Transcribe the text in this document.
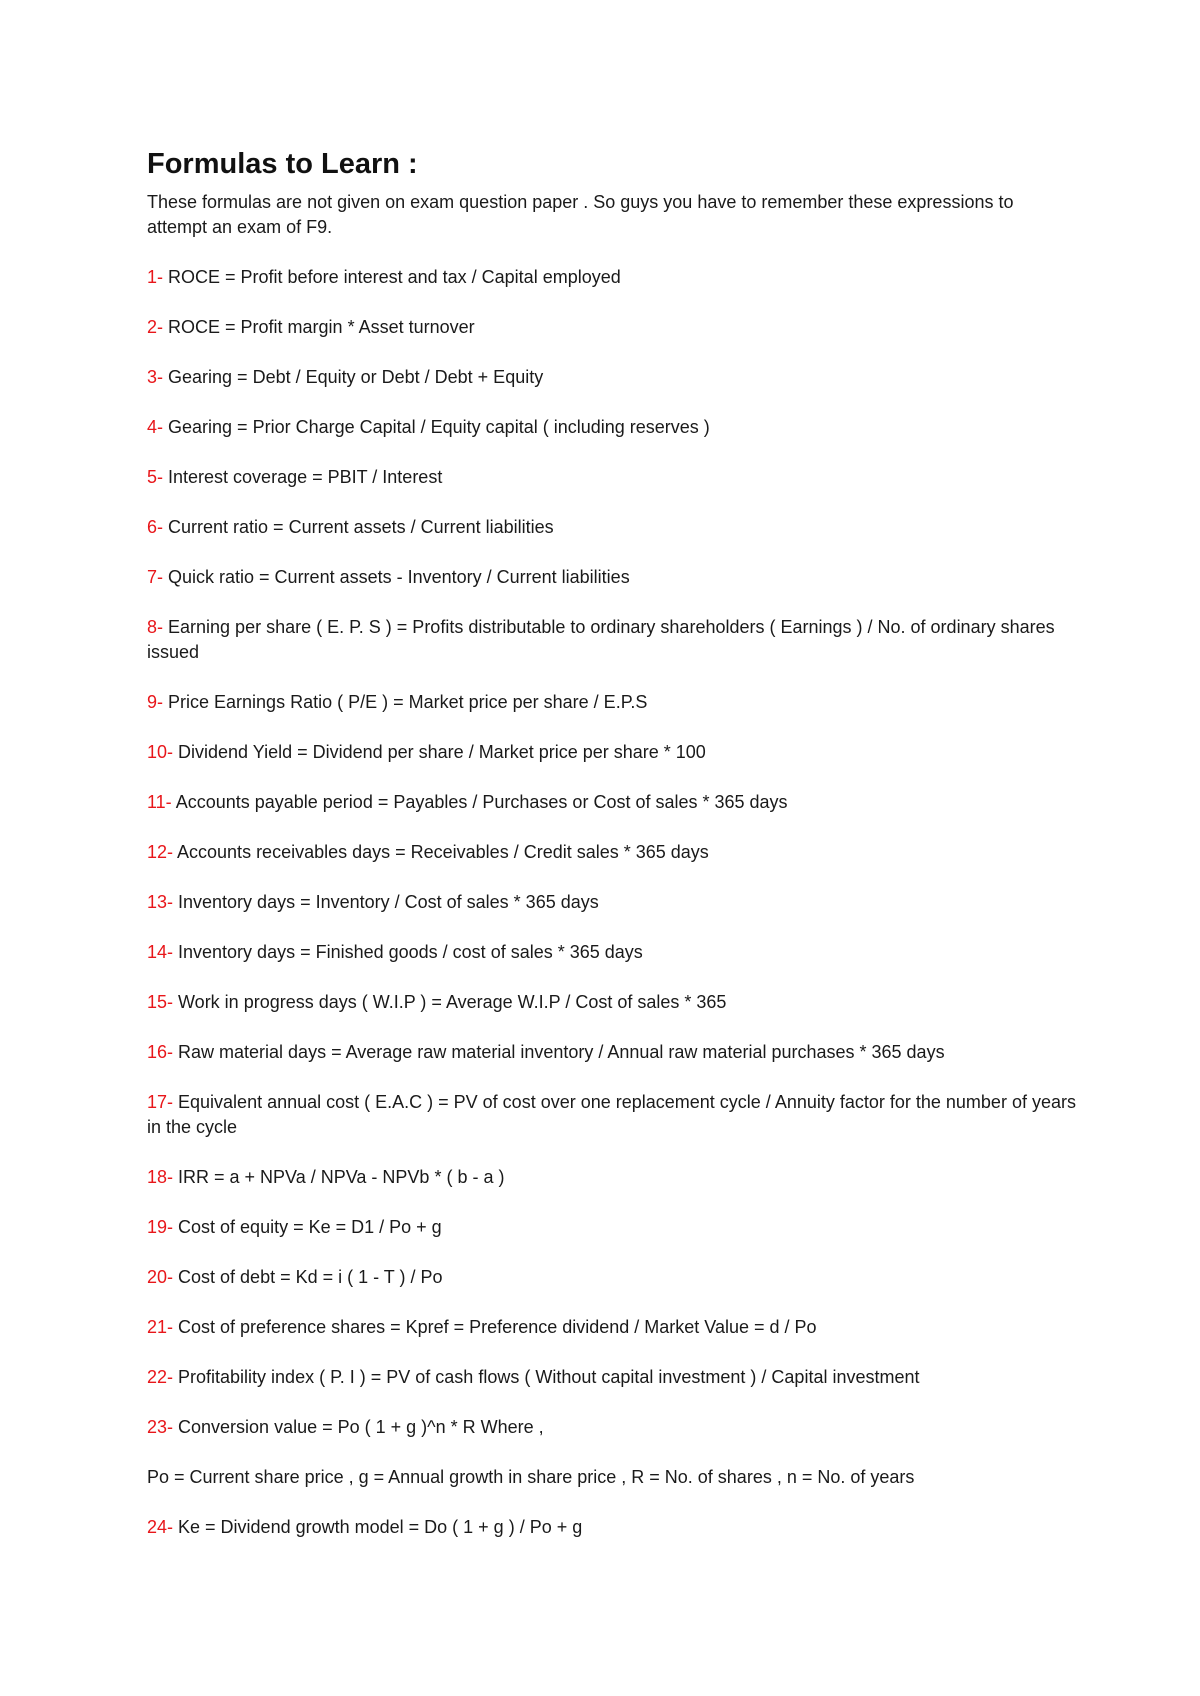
Formulas to Learn :

These formulas are not given on exam question paper . So guys you have to remember these expressions to attempt an exam of F9.

1- ROCE = Profit before interest and tax / Capital employed
2- ROCE = Profit margin * Asset turnover
3- Gearing = Debt / Equity or Debt / Debt + Equity
4- Gearing = Prior Charge Capital / Equity capital ( including reserves )
5- Interest coverage = PBIT / Interest
6- Current ratio = Current assets / Current liabilities
7- Quick ratio = Current assets - Inventory / Current liabilities
8- Earning per share ( E. P. S ) = Profits distributable to ordinary shareholders ( Earnings ) / No. of ordinary shares issued
9- Price Earnings Ratio ( P/E ) = Market price per share / E.P.S
10- Dividend Yield = Dividend per share / Market price per share * 100
11- Accounts payable period = Payables / Purchases or Cost of sales * 365 days
12- Accounts receivables days = Receivables / Credit sales * 365 days
13- Inventory days = Inventory / Cost of sales * 365 days
14- Inventory days = Finished goods / cost of sales * 365 days
15- Work in progress days ( W.I.P ) = Average W.I.P / Cost of sales * 365
16- Raw material days = Average raw material inventory / Annual raw material purchases * 365 days
17- Equivalent annual cost ( E.A.C ) = PV of cost over one replacement cycle / Annuity factor for the number of years in the cycle
18- IRR = a + NPVa / NPVa - NPVb * ( b - a )
19- Cost of equity = Ke = D1 / Po + g
20- Cost of debt = Kd = i ( 1 - T ) / Po
21- Cost of preference shares = Kpref = Preference dividend / Market Value = d / Po
22- Profitability index ( P. I ) = PV of cash flows ( Without capital investment ) / Capital investment
23- Conversion value = Po ( 1 + g )^n * R Where ,
Po = Current share price , g = Annual growth in share price , R = No. of shares , n = No. of years
24- Ke = Dividend growth model = Do ( 1 + g ) / Po + g
